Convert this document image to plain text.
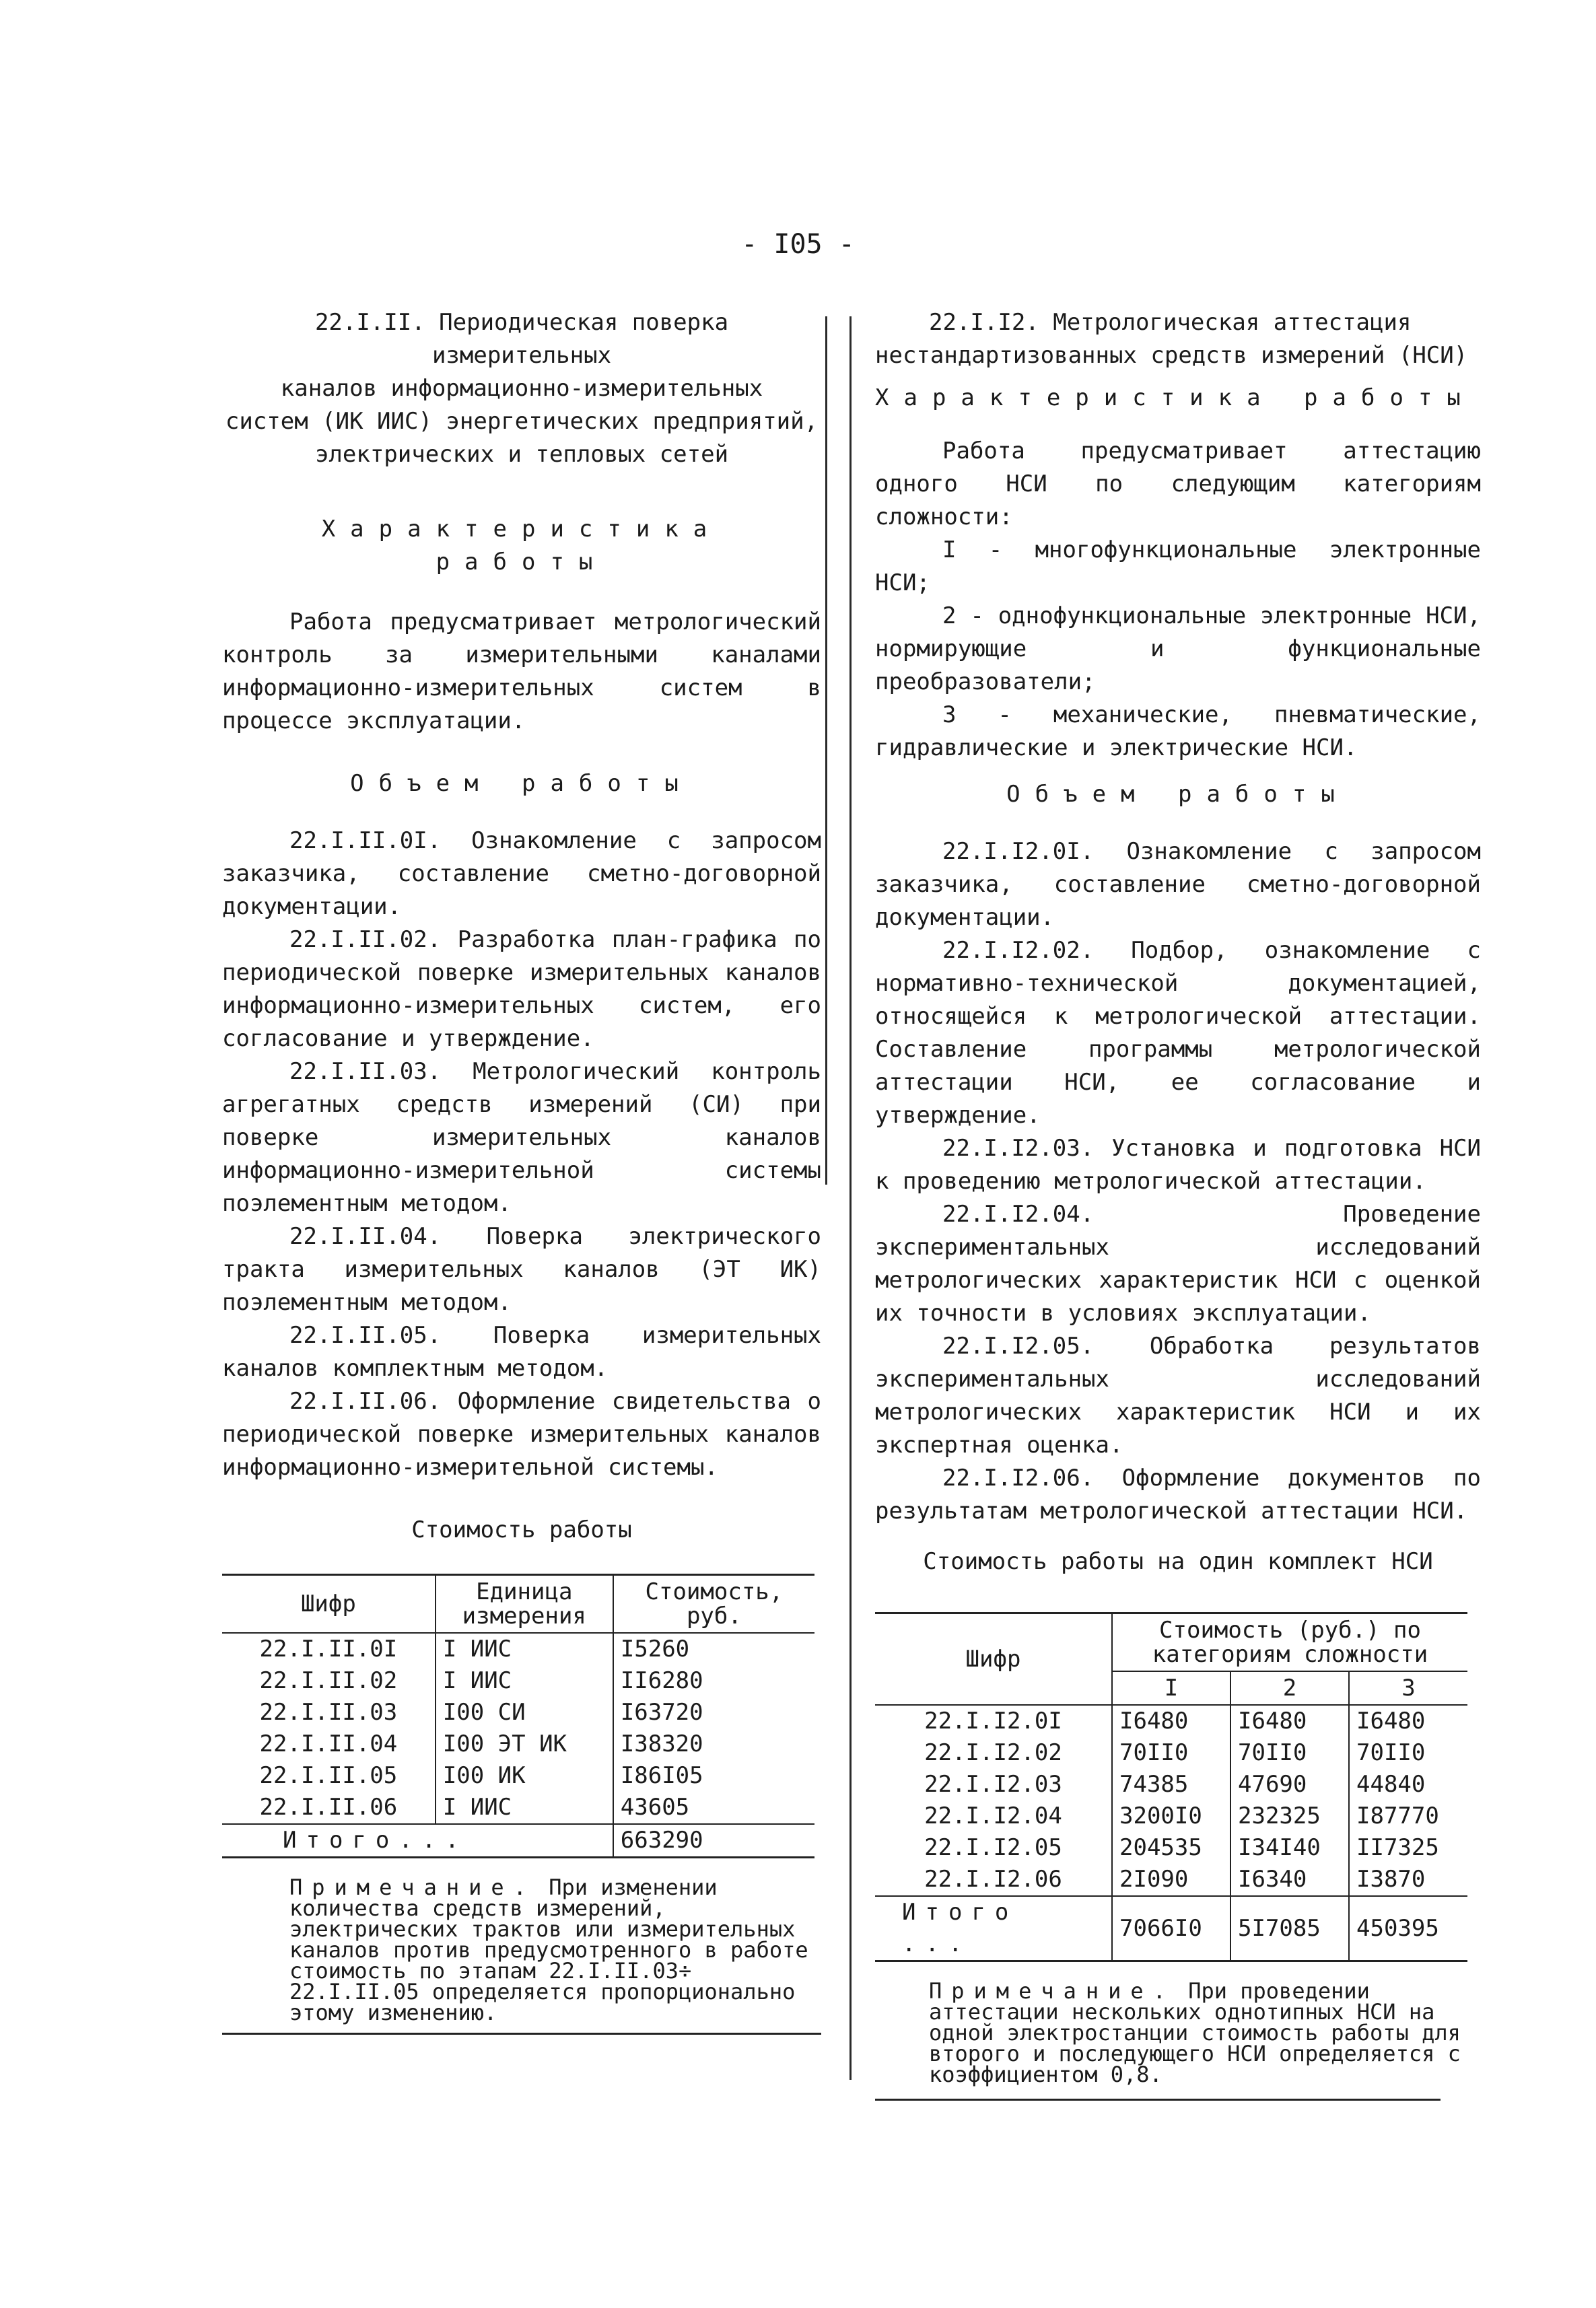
- I05 -

22.I.II. Периодическая поверка измерительных

каналов информационно-измерительных

систем (ИК ИИС) энергетических предприятий,

электрических и тепловых сетей

Характеристика работы

Работа предусматривает метрологический контроль за измерительными каналами информационно-измерительных систем в процессе эксплуатации.

Объем работы

22.I.II.0I. Ознакомление с запросом заказчика, составление сметно-договорной документации.

22.I.II.02. Разработка план-графика по периодической поверке измерительных каналов информационно-измерительных систем, его согласование и утверждение.

22.I.II.03. Метрологический контроль агрегатных средств измерений (СИ) при поверке измерительных каналов информационно-измерительной системы поэлементным методом.

22.I.II.04. Поверка электрического тракта измерительных каналов (ЭТ ИК) поэлементным методом.

22.I.II.05. Поверка измерительных каналов комплектным методом.

22.I.II.06. Оформление свидетельства о периодической поверке измерительных каналов информационно-измерительной системы.

Стоимость работы

Шифр	Единица измерения	Стоимость, руб.
22.I.II.0I	I ИИС	I5260
22.I.II.02	I ИИС	II6280
22.I.II.03	I00 СИ	I63720
22.I.II.04	I00 ЭТ ИК	I38320
22.I.II.05	I00 ИК	I86I05
22.I.II.06	I ИИС	43605
Итого...		663290
Примечание. При изменении количества средств измерений, электрических трактов или измерительных каналов против предусмотренного в работе стоимость по этапам 22.I.II.03÷ 22.I.II.05 определяется пропорционально этому изменению.

22.I.I2. Метрологическая аттестация

нестандартизованных средств измерений (НСИ)

Характеристика работы

Работа предусматривает аттестацию одного НСИ по следующим категориям сложности:

I - многофункциональные электронные НСИ;

2 - однофункциональные электронные НСИ, нормирующие и функциональные преобразователи;

3 - механические, пневматические, гидравлические и электрические НСИ.

Объем работы

22.I.I2.0I. Ознакомление с запросом заказчика, составление сметно-договорной документации.

22.I.I2.02. Подбор, ознакомление с нормативно-технической документацией, относящейся к метрологической аттестации. Составление программы метрологической аттестации НСИ, ее согласование и утверждение.

22.I.I2.03. Установка и подготовка НСИ к проведению метрологической аттестации.

22.I.I2.04. Проведение экспериментальных исследований метрологических характеристик НСИ с оценкой их точности в условиях эксплуатации.

22.I.I2.05. Обработка результатов экспериментальных исследований метрологических характеристик НСИ и их экспертная оценка.

22.I.I2.06. Оформление документов по результатам метрологической аттестации НСИ.

Стоимость работы на один комплект НСИ

Шифр	Стоимость (руб.) по категориям сложности		
	I	2	3
22.I.I2.0I	I6480	I6480	I6480
22.I.I2.02	70II0	70II0	70II0
22.I.I2.03	74385	47690	44840
22.I.I2.04	3200I0	232325	I87770
22.I.I2.05	204535	I34I40	II7325
22.I.I2.06	2I090	I6340	I3870
Итого ...	7066I0	5I7085	450395
Примечание. При проведении аттестации нескольких однотипных НСИ на одной электростанции стоимость работы для второго и последующего НСИ определяется с коэффициентом 0,8.
